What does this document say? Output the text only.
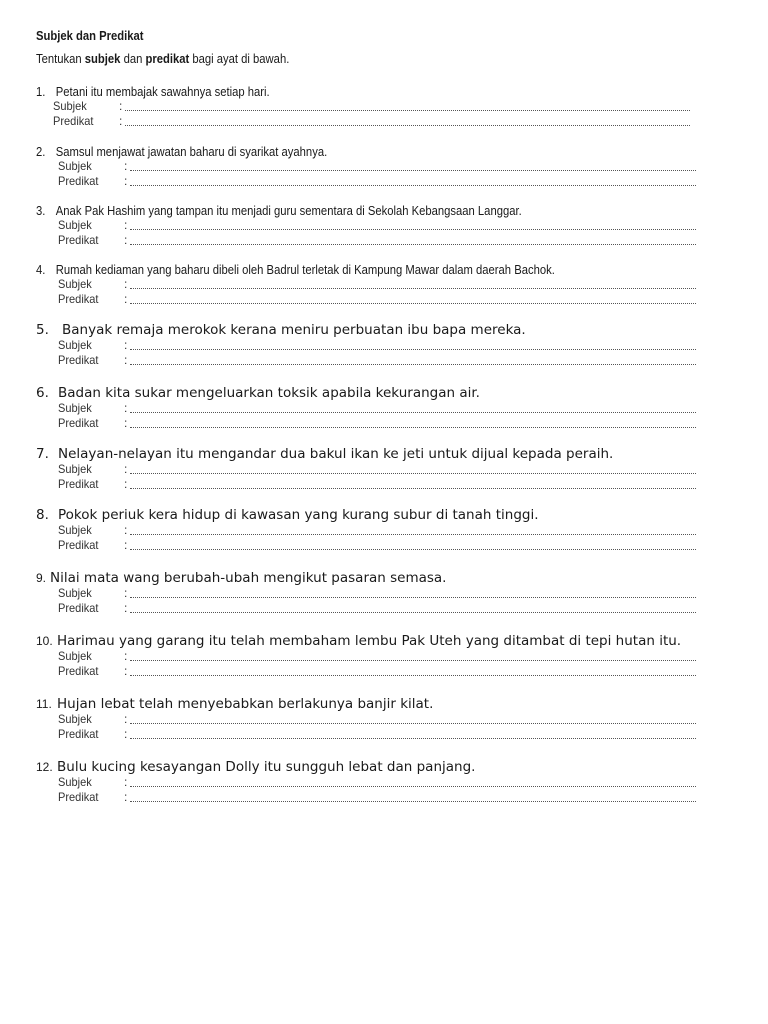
Subjek dan Predikat
Tentukan subjek dan predikat bagi ayat di bawah.
1. Petani itu membajak sawahnya setiap hari.
Subjek	:
Predikat	:
2. Samsul menjawat jawatan baharu di syarikat ayahnya.
Subjek	:
Predikat	:
3. Anak Pak Hashim yang tampan itu menjadi guru sementara di Sekolah Kebangsaan Langgar.
Subjek	:
Predikat	:
4. Rumah kediaman yang baharu dibeli oleh Badrul terletak di Kampung Mawar dalam daerah Bachok.
Subjek	:
Predikat	:
5. Banyak remaja merokok kerana meniru perbuatan ibu bapa mereka.
Subjek	:
Predikat	:
6. Badan kita sukar mengeluarkan toksik apabila kekurangan air.
Subjek	:
Predikat	:
7. Nelayan-nelayan itu mengandar dua bakul ikan ke jeti untuk dijual kepada peraih.
Subjek	:
Predikat	:
8. Pokok periuk kera hidup di kawasan yang kurang subur di tanah tinggi.
Subjek	:
Predikat	:
9. Nilai mata wang berubah-ubah mengikut pasaran semasa.
Subjek	:
Predikat	:
10. Harimau yang garang itu telah membaham lembu Pak Uteh yang ditambat di tepi hutan itu.
Subjek	:
Predikat	:
11. Hujan lebat telah menyebabkan berlakunya banjir kilat.
Subjek	:
Predikat	:
12. Bulu kucing kesayangan Dolly itu sungguh lebat dan panjang.
Subjek	:
Predikat	:
